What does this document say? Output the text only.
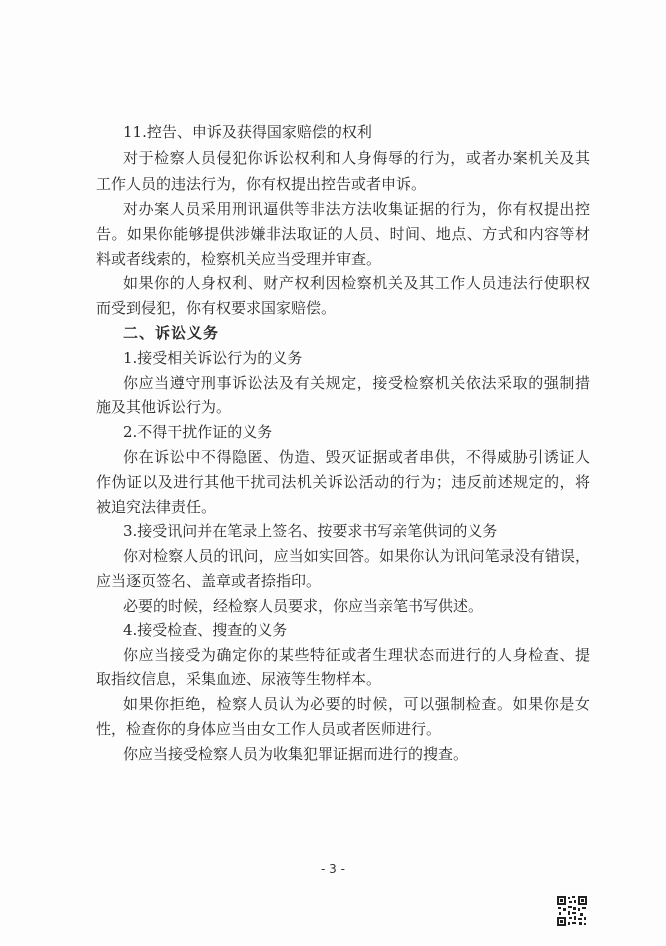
11.控告、申诉及获得国家赔偿的权利
对于检察人员侵犯你诉讼权利和人身侮辱的行为，或者办案机关及其
工作人员的违法行为，你有权提出控告或者申诉。
对办案人员采用刑讯逼供等非法方法收集证据的行为，你有权提出控
告。如果你能够提供涉嫌非法取证的人员、时间、地点、方式和内容等材
料或者线索的，检察机关应当受理并审查。
如果你的人身权利、财产权利因检察机关及其工作人员违法行使职权
而受到侵犯，你有权要求国家赔偿。
二、诉讼义务
1.接受相关诉讼行为的义务
你应当遵守刑事诉讼法及有关规定，接受检察机关依法采取的强制措
施及其他诉讼行为。
2.不得干扰作证的义务
你在诉讼中不得隐匿、伪造、毁灭证据或者串供，不得威胁引诱证人
作伪证以及进行其他干扰司法机关诉讼活动的行为；违反前述规定的，将
被追究法律责任。
3.接受讯问并在笔录上签名、按要求书写亲笔供词的义务
你对检察人员的讯问，应当如实回答。如果你认为讯问笔录没有错误，
应当逐页签名、盖章或者捺指印。
必要的时候，经检察人员要求，你应当亲笔书写供述。
4.接受检查、搜查的义务
你应当接受为确定你的某些特征或者生理状态而进行的人身检查、提
取指纹信息，采集血迹、尿液等生物样本。
如果你拒绝，检察人员认为必要的时候，可以强制检查。如果你是女
性，检查你的身体应当由女工作人员或者医师进行。
你应当接受检察人员为收集犯罪证据而进行的搜查。
- 3 -
